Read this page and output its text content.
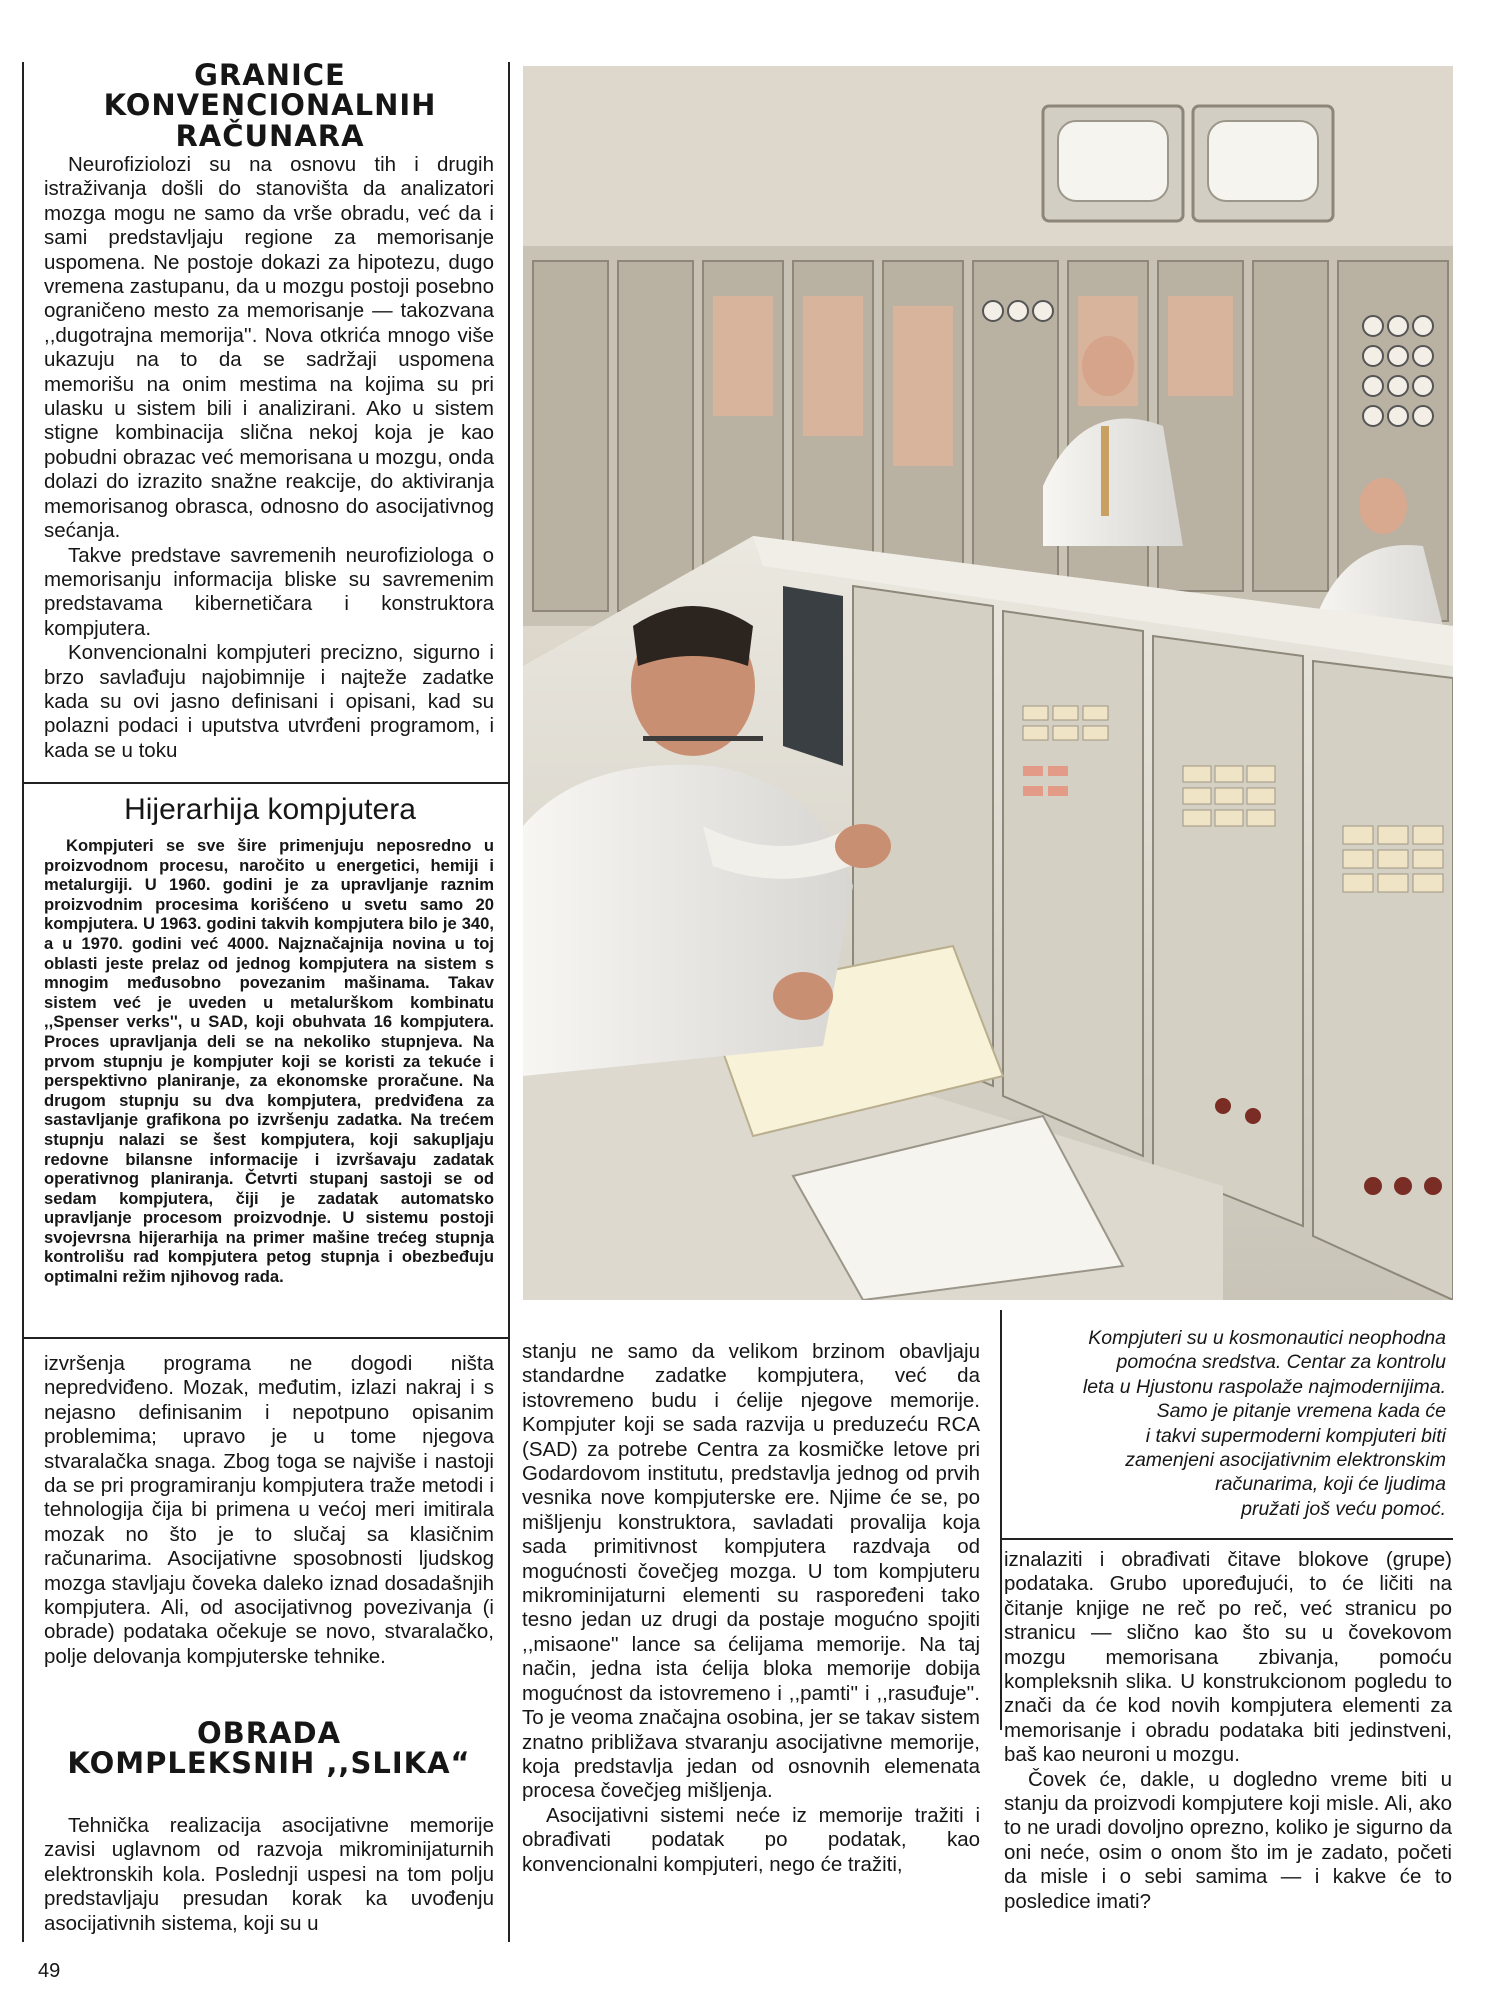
GRANICE
KONVENCIONALNIH
RAČUNARA

Neurofiziolozi su na osnovu tih i drugih istraživanja došli do stanovišta da analizatori mozga mogu ne samo da vrše obradu, već da i sami predstavljaju regione za memorisanje uspomena. Ne postoje dokazi za hipotezu, dugo vremena zastupanu, da u mozgu postoji posebno ograničeno mesto za memorisanje — takozvana ,,dugotrajna memorija''. Nova otkrića mnogo više ukazuju na to da se sadržaji uspomena memorišu na onim mestima na kojima su pri ulasku u sistem bili i analizirani. Ako u sistem stigne kombinacija slična nekoj koja je kao pobudni obrazac već memorisana u mozgu, onda dolazi do izrazito snažne reakcije, do aktiviranja memorisanog obrasca, odnosno do asocijativnog sećanja.

Takve predstave savremenih neurofiziologa o memorisanju informacija bliske su savremenim predstavama kibernetičara i konstruktora kompjutera.

Konvencionalni kompjuteri precizno, sigurno i brzo savlađuju najobimnije i najteže zadatke kada su ovi jasno definisani i opisani, kad su polazni podaci i uputstva utvrđeni programom, i kada se u toku

Hijerarhija kompjutera

Kompjuteri se sve šire primenjuju neposredno u proizvodnom procesu, naročito u energetici, hemiji i metalurgiji. U 1960. godini je za upravljanje raznim proizvodnim procesima korišćeno u svetu samo 20 kompjutera. U 1963. godini takvih kompjutera bilo je 340, a u 1970. godini već 4000. Najznačajnija novina u toj oblasti jeste prelaz od jednog kompjutera na sistem s mnogim međusobno povezanim mašinama. Takav sistem već je uveden u metalurškom kombinatu ,,Spenser verks'', u SAD, koji obuhvata 16 kompjutera. Proces upravljanja deli se na nekoliko stupnjeva. Na prvom stupnju je kompjuter koji se koristi za tekuće i perspektivno planiranje, za ekonomske proračune. Na drugom stupnju su dva kompjutera, predviđena za sastavljanje grafikona po izvršenju zadatka. Na trećem stupnju nalazi se šest kompjutera, koji sakupljaju redovne bilansne informacije i izvršavaju zadatak operativnog planiranja. Četvrti stupanj sastoji se od sedam kompjutera, čiji je zadatak automatsko upravljanje procesom proizvodnje. U sistemu postoji svojevrsna hijerarhija na primer mašine trećeg stupnja kontrolišu rad kompjutera petog stupnja i obezbeđuju optimalni režim njihovog rada.

izvršenja programa ne dogodi ništa nepredviđeno. Mozak, međutim, izlazi nakraj i s nejasno definisanim i nepotpuno opisanim problemima; upravo je u tome njegova stvaralačka snaga. Zbog toga se najviše i nastoji da se pri programiranju kompjutera traže metodi i tehnologija čija bi primena u većoj meri imitirala mozak no što je to slučaj sa klasičnim računarima. Asocijativne sposobnosti ljudskog mozga stavljaju čoveka daleko iznad dosadašnjih kompjutera. Ali, od asocijativnog povezivanja (i obrade) podataka očekuje se novo, stvaralačko, polje delovanja kompjuterske tehnike.

OBRADA
KOMPLEKSNIH ,,SLIKA“

Tehnička realizacija asocijativne memorije zavisi uglavnom od razvoja mikrominijaturnih elektronskih kola. Poslednji uspesi na tom polju predstavljaju presudan korak ka uvođenju asocijativnih sistema, koji su u

stanju ne samo da velikom brzinom obavljaju standardne zadatke kompjutera, već da istovremeno budu i ćelije njegove memorije. Kompjuter koji se sada razvija u preduzeću RCA (SAD) za potrebe Centra za kosmičke letove pri Godardovom institutu, predstavlja jednog od prvih vesnika nove kompjuterske ere. Njime će se, po mišljenju konstruktora, savladati provalija koja sada primitivnost kompjutera razdvaja od mogućnosti čovečjeg mozga. U tom kompjuteru mikrominijaturni elementi su raspoređeni tako tesno jedan uz drugi da postaje mogućno spojiti ,,misaone'' lance sa ćelijama memorije. Na taj način, jedna ista ćelija bloka memorije dobija mogućnost da istovremeno i ,,pamti'' i ,,rasuđuje''. To je veoma značajna osobina, jer se takav sistem znatno približava stvaranju asocijativne memorije, koja predstavlja jedan od osnovnih elemenata procesa čovečjeg mišljenja.

Asocijativni sistemi neće iz memorije tražiti i obrađivati podatak po podatak, kao konvencionalni kompjuteri, nego će tražiti,

Kompjuteri su u kosmonautici neophodna
pomoćna sredstva. Centar za kontrolu
leta u Hjustonu raspolaže najmodernijima.
Samo je pitanje vremena kada će
i takvi supermoderni kompjuteri biti
zamenjeni asocijativnim elektronskim
računarima, koji će ljudima
pružati još veću pomoć.

iznalaziti i obrađivati čitave blokove (grupe) podataka. Grubo upoređujući, to će ličiti na čitanje knjige ne reč po reč, već stranicu po stranicu — slično kao što su u čovekovom mozgu memorisana zbivanja, pomoću kompleksnih slika. U konstrukcionom pogledu to znači da će kod novih kompjutera elementi za memorisanje i obradu podataka biti jedinstveni, baš kao neuroni u mozgu.

Čovek će, dakle, u dogledno vreme biti u stanju da proizvodi kompjutere koji misle. Ali, ako to ne uradi dovoljno oprezno, koliko je sigurno da oni neće, osim o onom što im je zadato, početi da misle i o sebi samima — i kakve će to posledice imati?

49
